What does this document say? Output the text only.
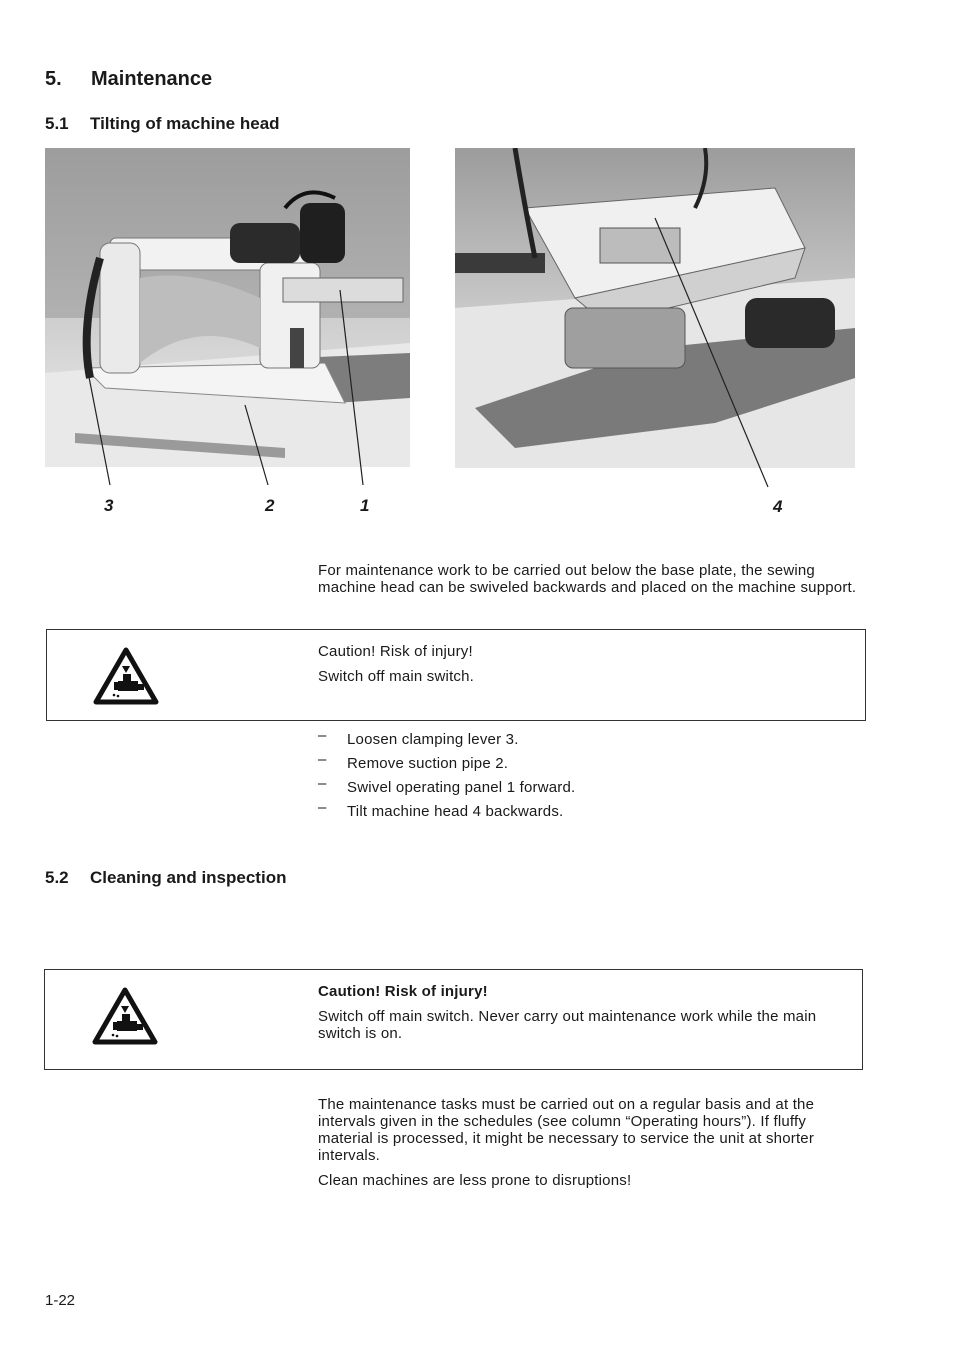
5. Maintenance
5.1 Tilting of machine head
3	2	1	4
For maintenance work to be carried out below the base plate, the sewing machine head can be swiveled backwards and placed on the machine support.
Caution! Risk of injury!
Switch off main switch.
– Loosen clamping lever 3.
– Remove suction pipe 2.
– Swivel operating panel 1 forward.
– Tilt machine head 4 backwards.
5.2 Cleaning and inspection
Caution! Risk of injury!
Switch off main switch. Never carry out maintenance work while the main switch is on.
The maintenance tasks must be carried out on a regular basis and at the intervals given in the schedules (see column “Operating hours”). If fluffy material is processed, it might be necessary to service the unit at shorter intervals.
Clean machines are less prone to disruptions!
1-22
